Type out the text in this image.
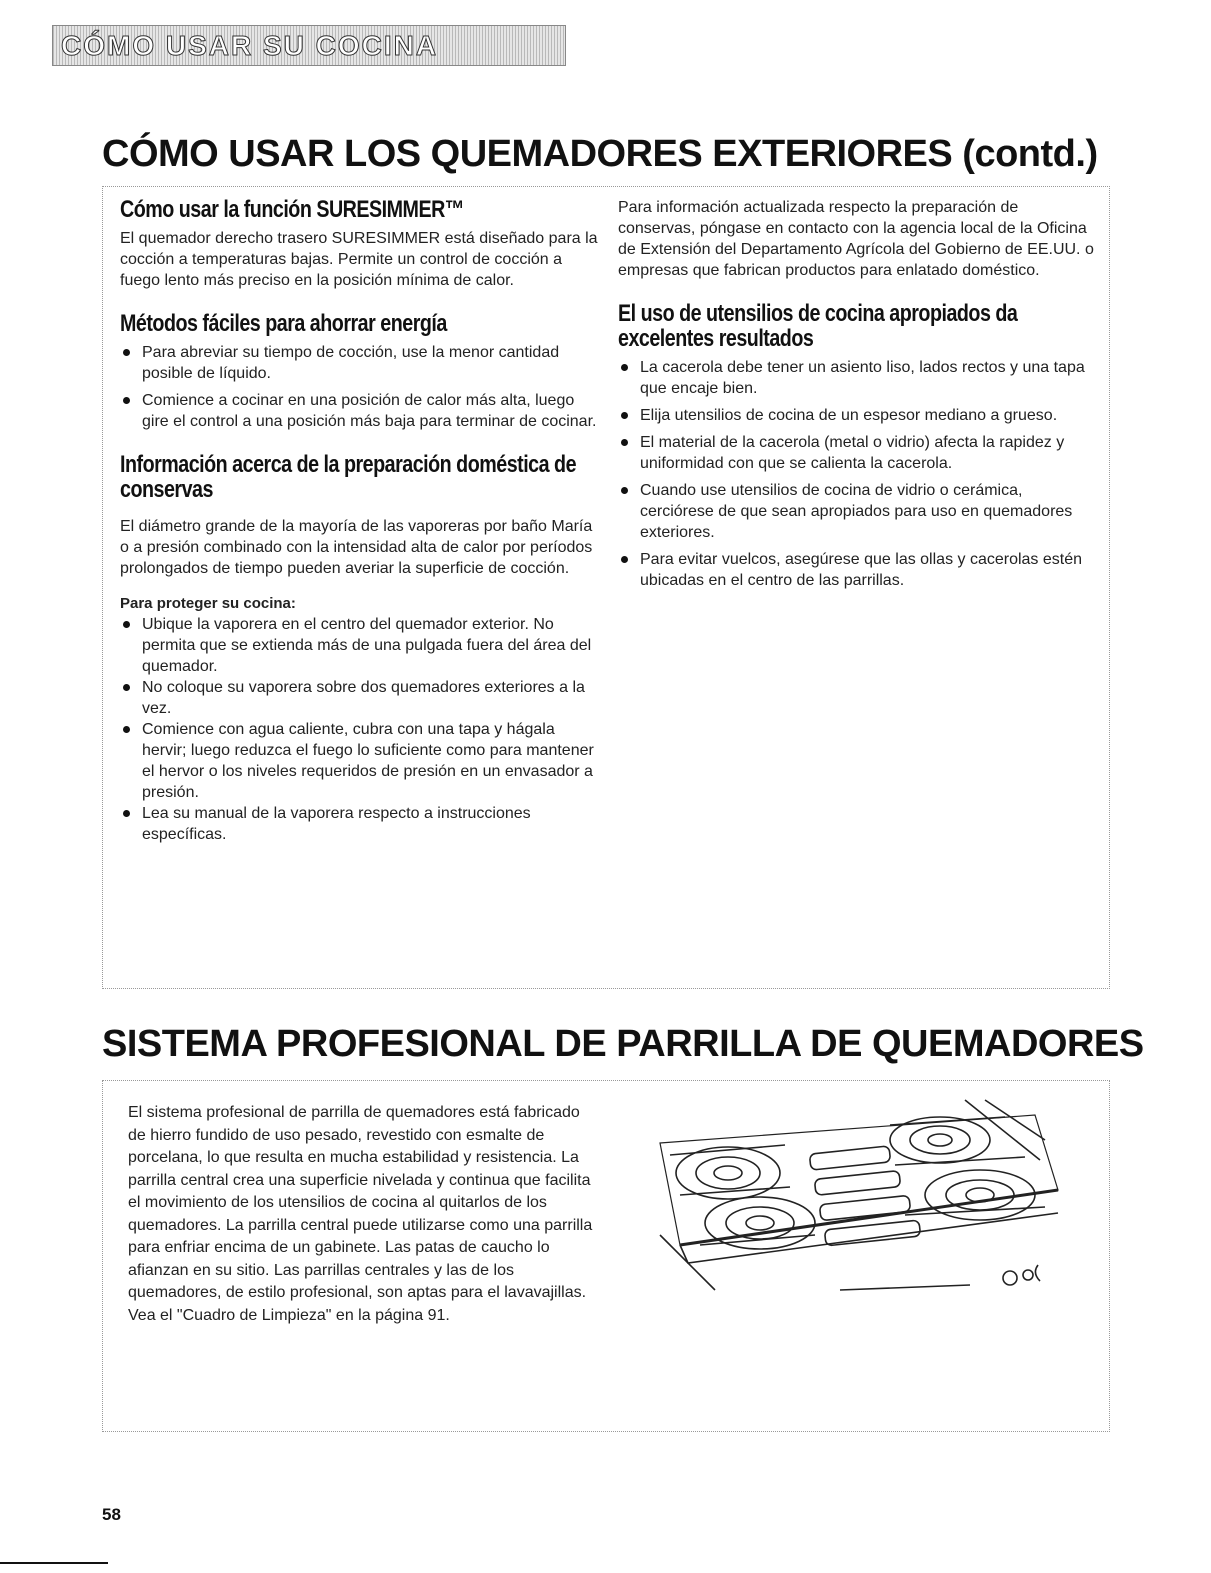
CÓMO USAR SU COCINA
CÓMO USAR LOS QUEMADORES EXTERIORES (contd.)
Cómo usar la función SURESIMMER™

El quemador derecho trasero SURESIMMER está diseñado para la cocción a temperaturas bajas. Permite un control de cocción a fuego lento más preciso en la posición mínima de calor.

Métodos fáciles para ahorrar energía
Para abreviar su tiempo de cocción, use la menor cantidad posible de líquido.
Comience a cocinar en una posición de calor más alta, luego gire el control a una posición más baja para terminar de cocinar.
Información acerca de la preparación doméstica de conservas

El diámetro grande de la mayoría de las vaporeras por baño María o a presión combinado con la intensidad alta de calor por períodos prolongados de tiempo pueden averiar la superficie de cocción.

Para proteger su cocina:

Ubique la vaporera en el centro del quemador exterior. No permita que se extienda más de una pulgada fuera del área del quemador.
No coloque su vaporera sobre dos quemadores exteriores a la vez.
Comience con agua caliente, cubra con una tapa y hágala hervir; luego reduzca el fuego lo suficiente como para mantener el hervor o los niveles requeridos de presión en un envasador a presión.
Lea su manual de la vaporera respecto a instrucciones específicas.

Para información actualizada respecto la preparación de conservas, póngase en contacto con la agencia local de la Oficina de Extensión del Departamento Agrícola del Gobierno de EE.UU. o empresas que fabrican productos para enlatado doméstico.

El uso de utensilios de cocina apropiados da excelentes resultados
La cacerola debe tener un asiento liso, lados rectos y una tapa que encaje bien.
Elija utensilios de cocina de un espesor mediano a grueso.
El material de la cacerola (metal o vidrio) afecta la rapidez y uniformidad con que se calienta la cacerola.
Cuando use utensilios de cocina de vidrio o cerámica, cerciórese de que sean apropiados para uso en quemadores exteriores.
Para evitar vuelcos, asegúrese que las ollas y cacerolas estén ubicadas en el centro de las parrillas.
SISTEMA PROFESIONAL DE PARRILLA DE QUEMADORES

El sistema profesional de parrilla de quemadores está fabricado de hierro fundido de uso pesado, revestido con esmalte de porcelana, lo que resulta en mucha estabilidad y resistencia. La parrilla central crea una superficie nivelada y continua que facilita el movimiento de los utensilios de cocina al quitarlos de los quemadores. La parrilla central puede utilizarse como una parrilla para enfriar encima de un gabinete. Las patas de caucho lo afianzan en su sitio. Las parrillas centrales y las de los quemadores, de estilo profesional, son aptas para el lavavajillas. Vea el "Cuadro de Limpieza" en la página 91.

58
